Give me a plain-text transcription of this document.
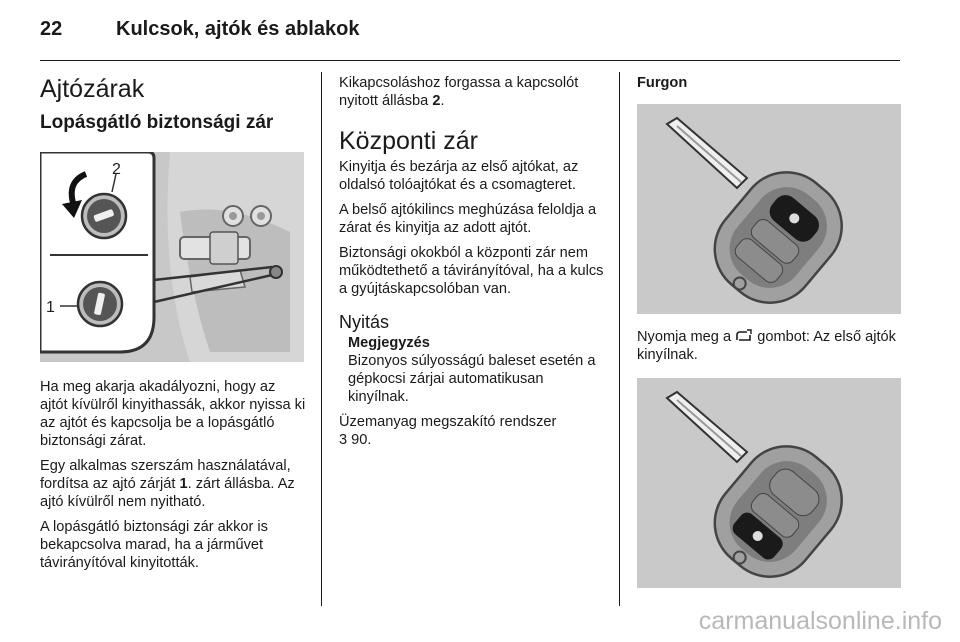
22	Kulcsok, ajtók és ablakok
Ajtózárak
Lopásgátló biztonsági zár
2
1

Ha meg akarja akadályozni, hogy az ajtót kívülről kinyithassák, akkor nyissa ki az ajtót és kapcsolja be a lopásgátló biztonsági zárat.

Egy alkalmas szerszám használatával, fordítsa az ajtó zárját 1. zárt állásba. Az ajtó kívülről nem nyitható.

A lopásgátló biztonsági zár akkor is bekapcsolva marad, ha a járművet távirányítóval kinyitották.

Kikapcsoláshoz forgassa a kapcsolót nyitott állásba 2.

Központi zár

Kinyitja és bezárja az első ajtókat, az oldalsó tolóajtókat és a csomagteret.

A belső ajtókilincs meghúzása feloldja a zárat és kinyitja az adott ajtót.

Biztonsági okokból a központi zár nem működtethető a távirányítóval, ha a kulcs a gyújtáskapcsolóban van.

Nyitás
Megjegyzés

Bizonyos súlyosságú baleset esetén a gépkocsi zárjai automatikusan kinyílnak.

Üzemanyag megszakító rendszer

3 90.

Furgon

Nyomja meg a gombot: Az első ajtók kinyílnak.

carmanualsonline.info
